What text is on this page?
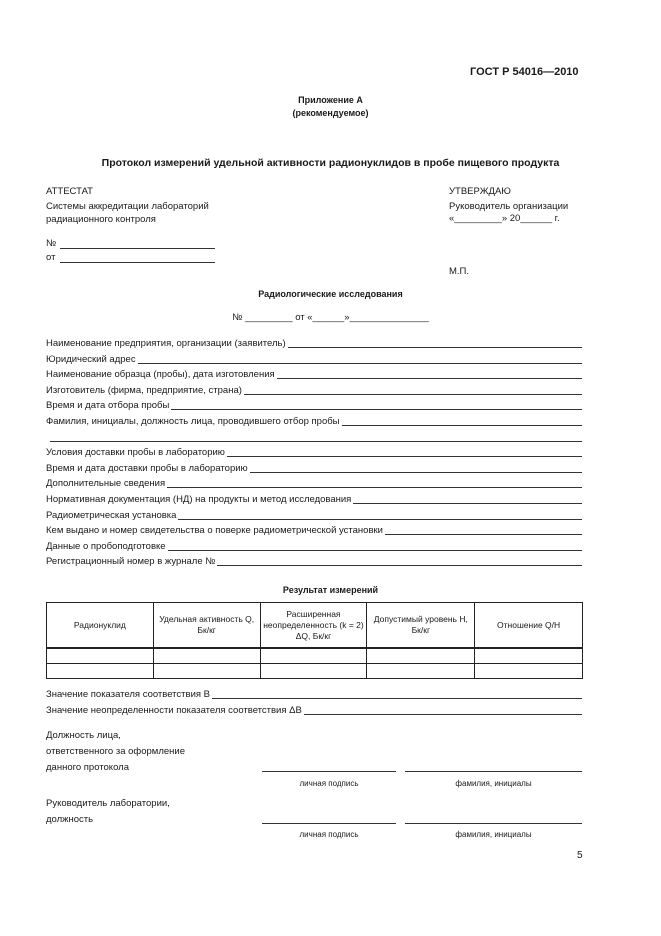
ГОСТ Р 54016—2010
Приложение А
(рекомендуемое)
Протокол измерений удельной активности радионуклидов в пробе пищевого продукта
АТТЕСТАТ
Системы аккредитации лабораторий
радиационного контроля
№
от
УТВЕРЖДАЮ
Руководитель организации
«_________» 20______ г.
М.П.
Радиологические исследования
№ _________ от «______»_______________
Наименование предприятия, организации (заявитель)
Юридический адрес
Наименование образца (пробы), дата изготовления
Изготовитель (фирма, предприятие, страна)
Время и дата отбора пробы
Фамилия, инициалы, должность лица, проводившего отбор пробы
Условия доставки пробы в лабораторию
Время и дата доставки пробы в лабораторию
Дополнительные сведения
Нормативная документация (НД) на продукты и метод исследования
Радиометрическая установка
Кем выдано и номер свидетельства о поверке радиометрической установки
Данные о пробоподготовке
Регистрационный номер в журнале №
Результат измерений
Радионуклид	Удельная активность Q, Бк/кг	Расширенная неопределенность (k = 2) ΔQ, Бк/кг	Допустимый уровень H, Бк/кг	Отношение Q/H

Значение показателя соответствия B
Значение неопределенности показателя соответствия ΔB
Должность лица,
ответственного за оформление
данного протокола
личная подпись	фамилия, инициалы
Руководитель лаборатории,
должность
личная подпись	фамилия, инициалы
5
